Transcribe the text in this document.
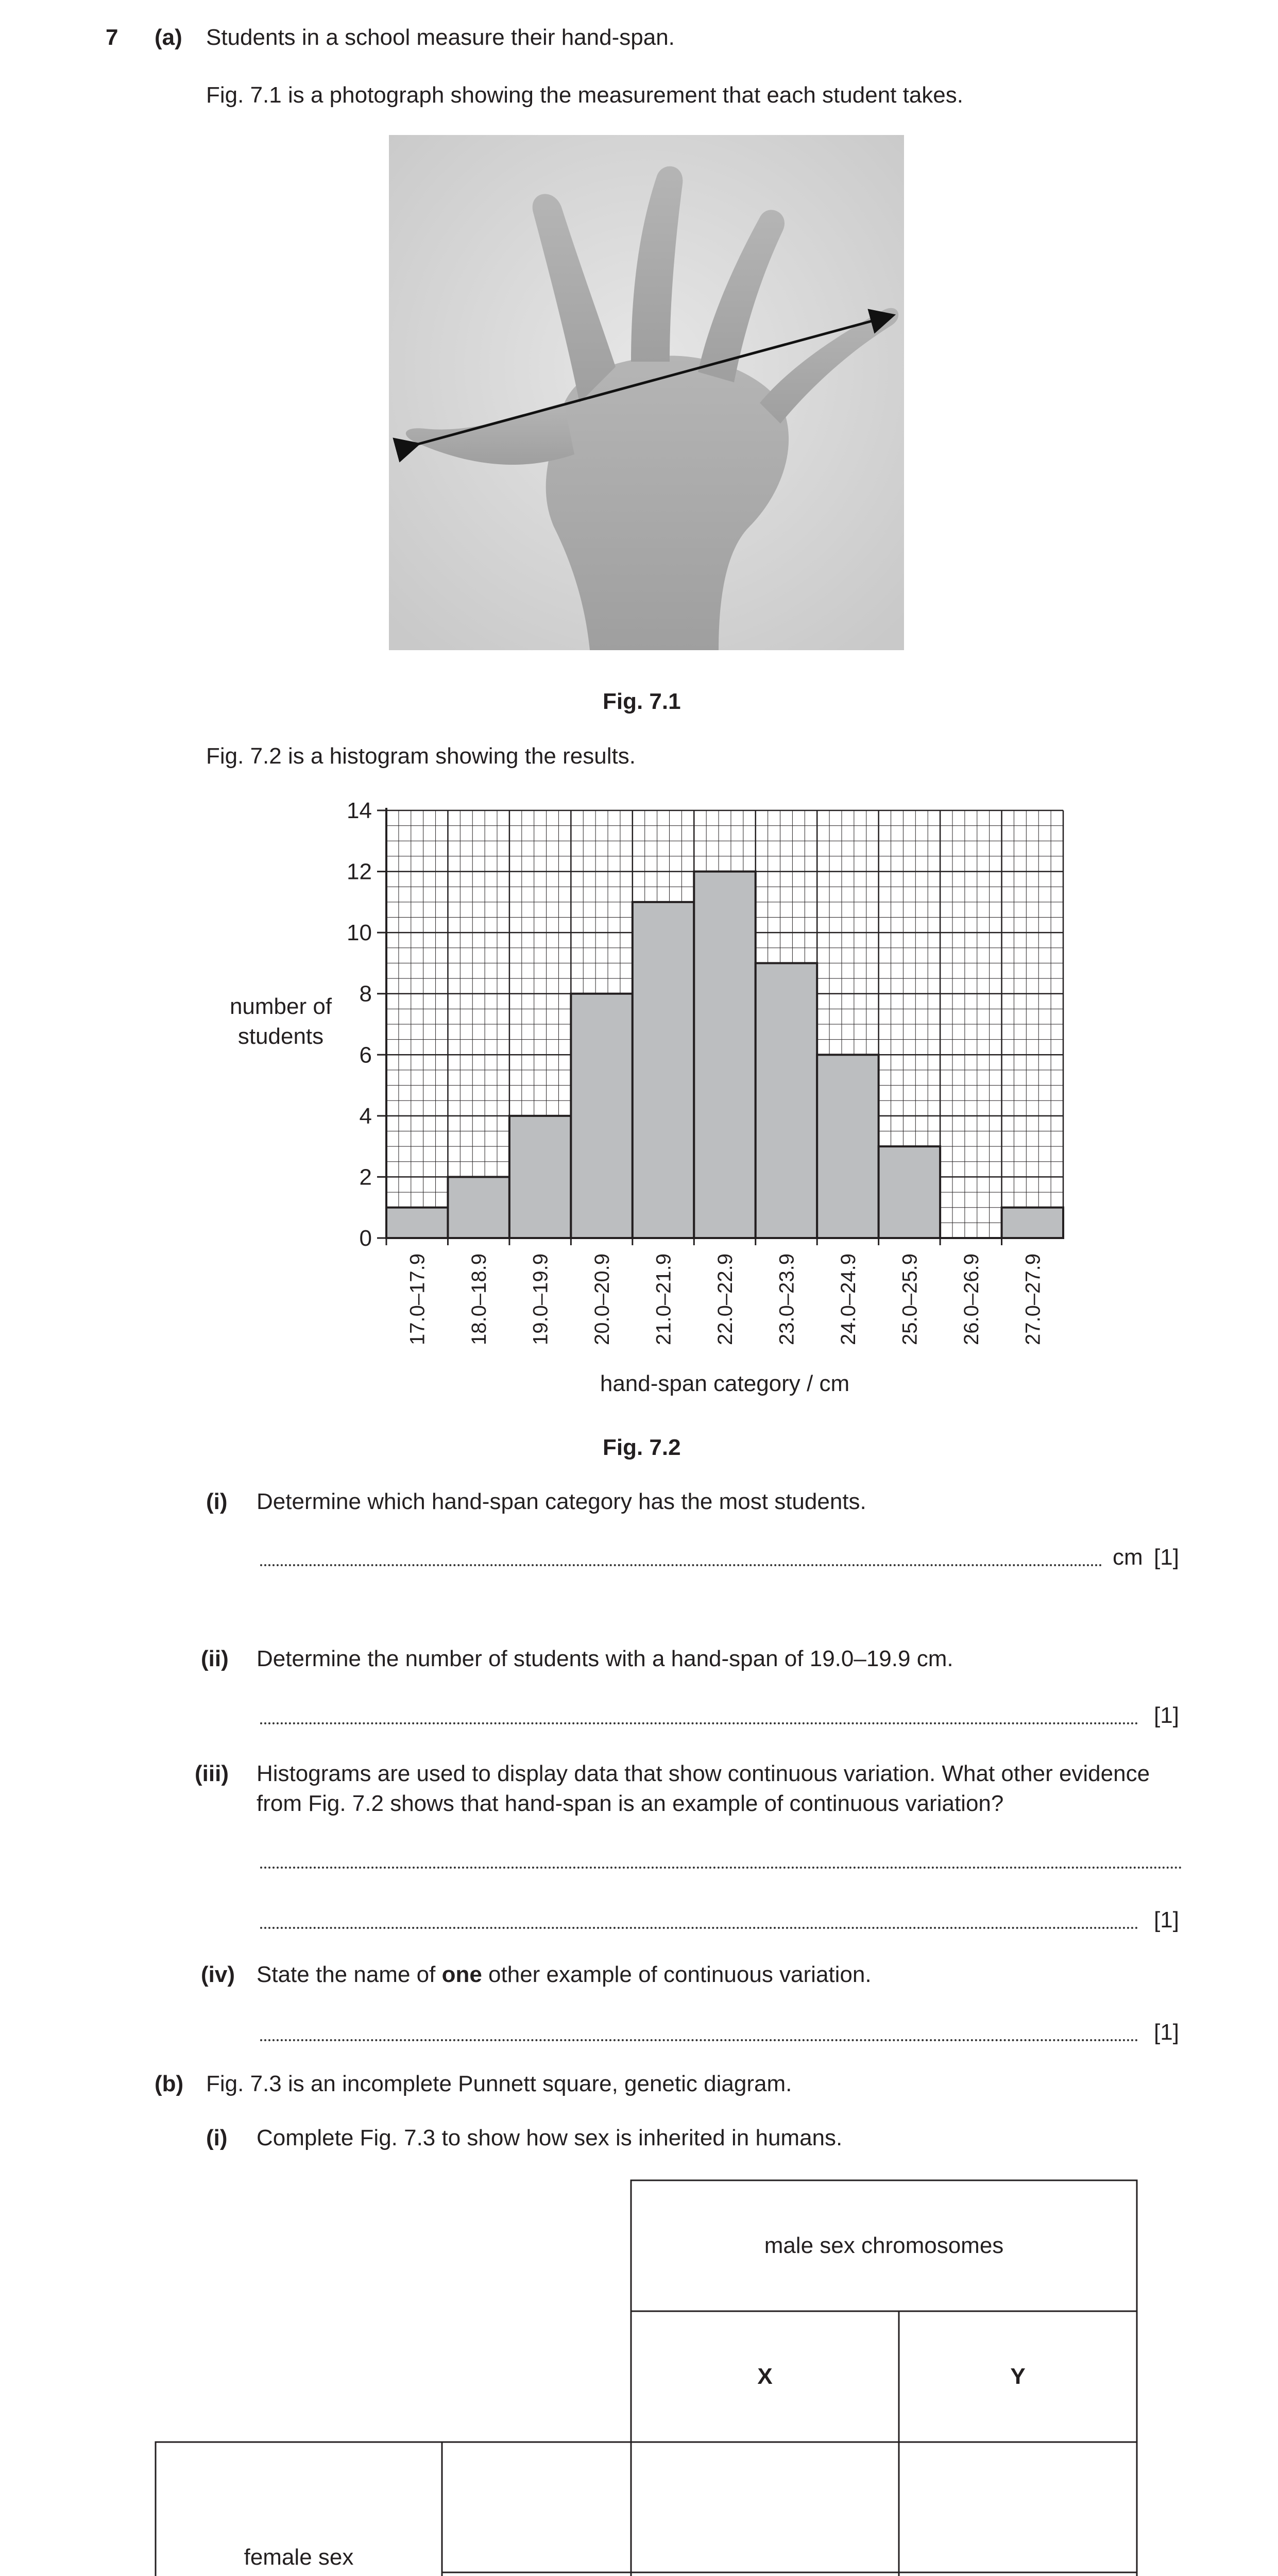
7 (a) Students in a school measure their hand-span.
Fig. 7.1 is a photograph showing the measurement that each student takes.
Fig. 7.1
Fig. 7.2 is a histogram showing the results.
0
2
4
6
8
10
12
14
17.0–17.9 18.0–18.9 19.0–19.9 20.0–20.9 21.0–21.9 22.0–22.9 23.0–23.9 24.0–24.9 25.0–25.9 26.0–26.9 27.0–27.9
number of
students
hand-span category / cm
Fig. 7.2
(i) Determine which hand-span category has the most students.
cm [1]
(ii) Determine the number of students with a hand-span of 19.0–19.9 cm.
[1]
(iii) Histograms are used to display data that show continuous variation. What other evidence
from Fig. 7.2 shows that hand-span is an example of continuous variation?
[1]
(iv) State the name of one other example of continuous variation.
[1]
(b) Fig. 7.3 is an incomplete Punnett square, genetic diagram.
(i) Complete Fig. 7.3 to show how sex is inherited in humans.
male sex chromosomes
X	Y
female sex
